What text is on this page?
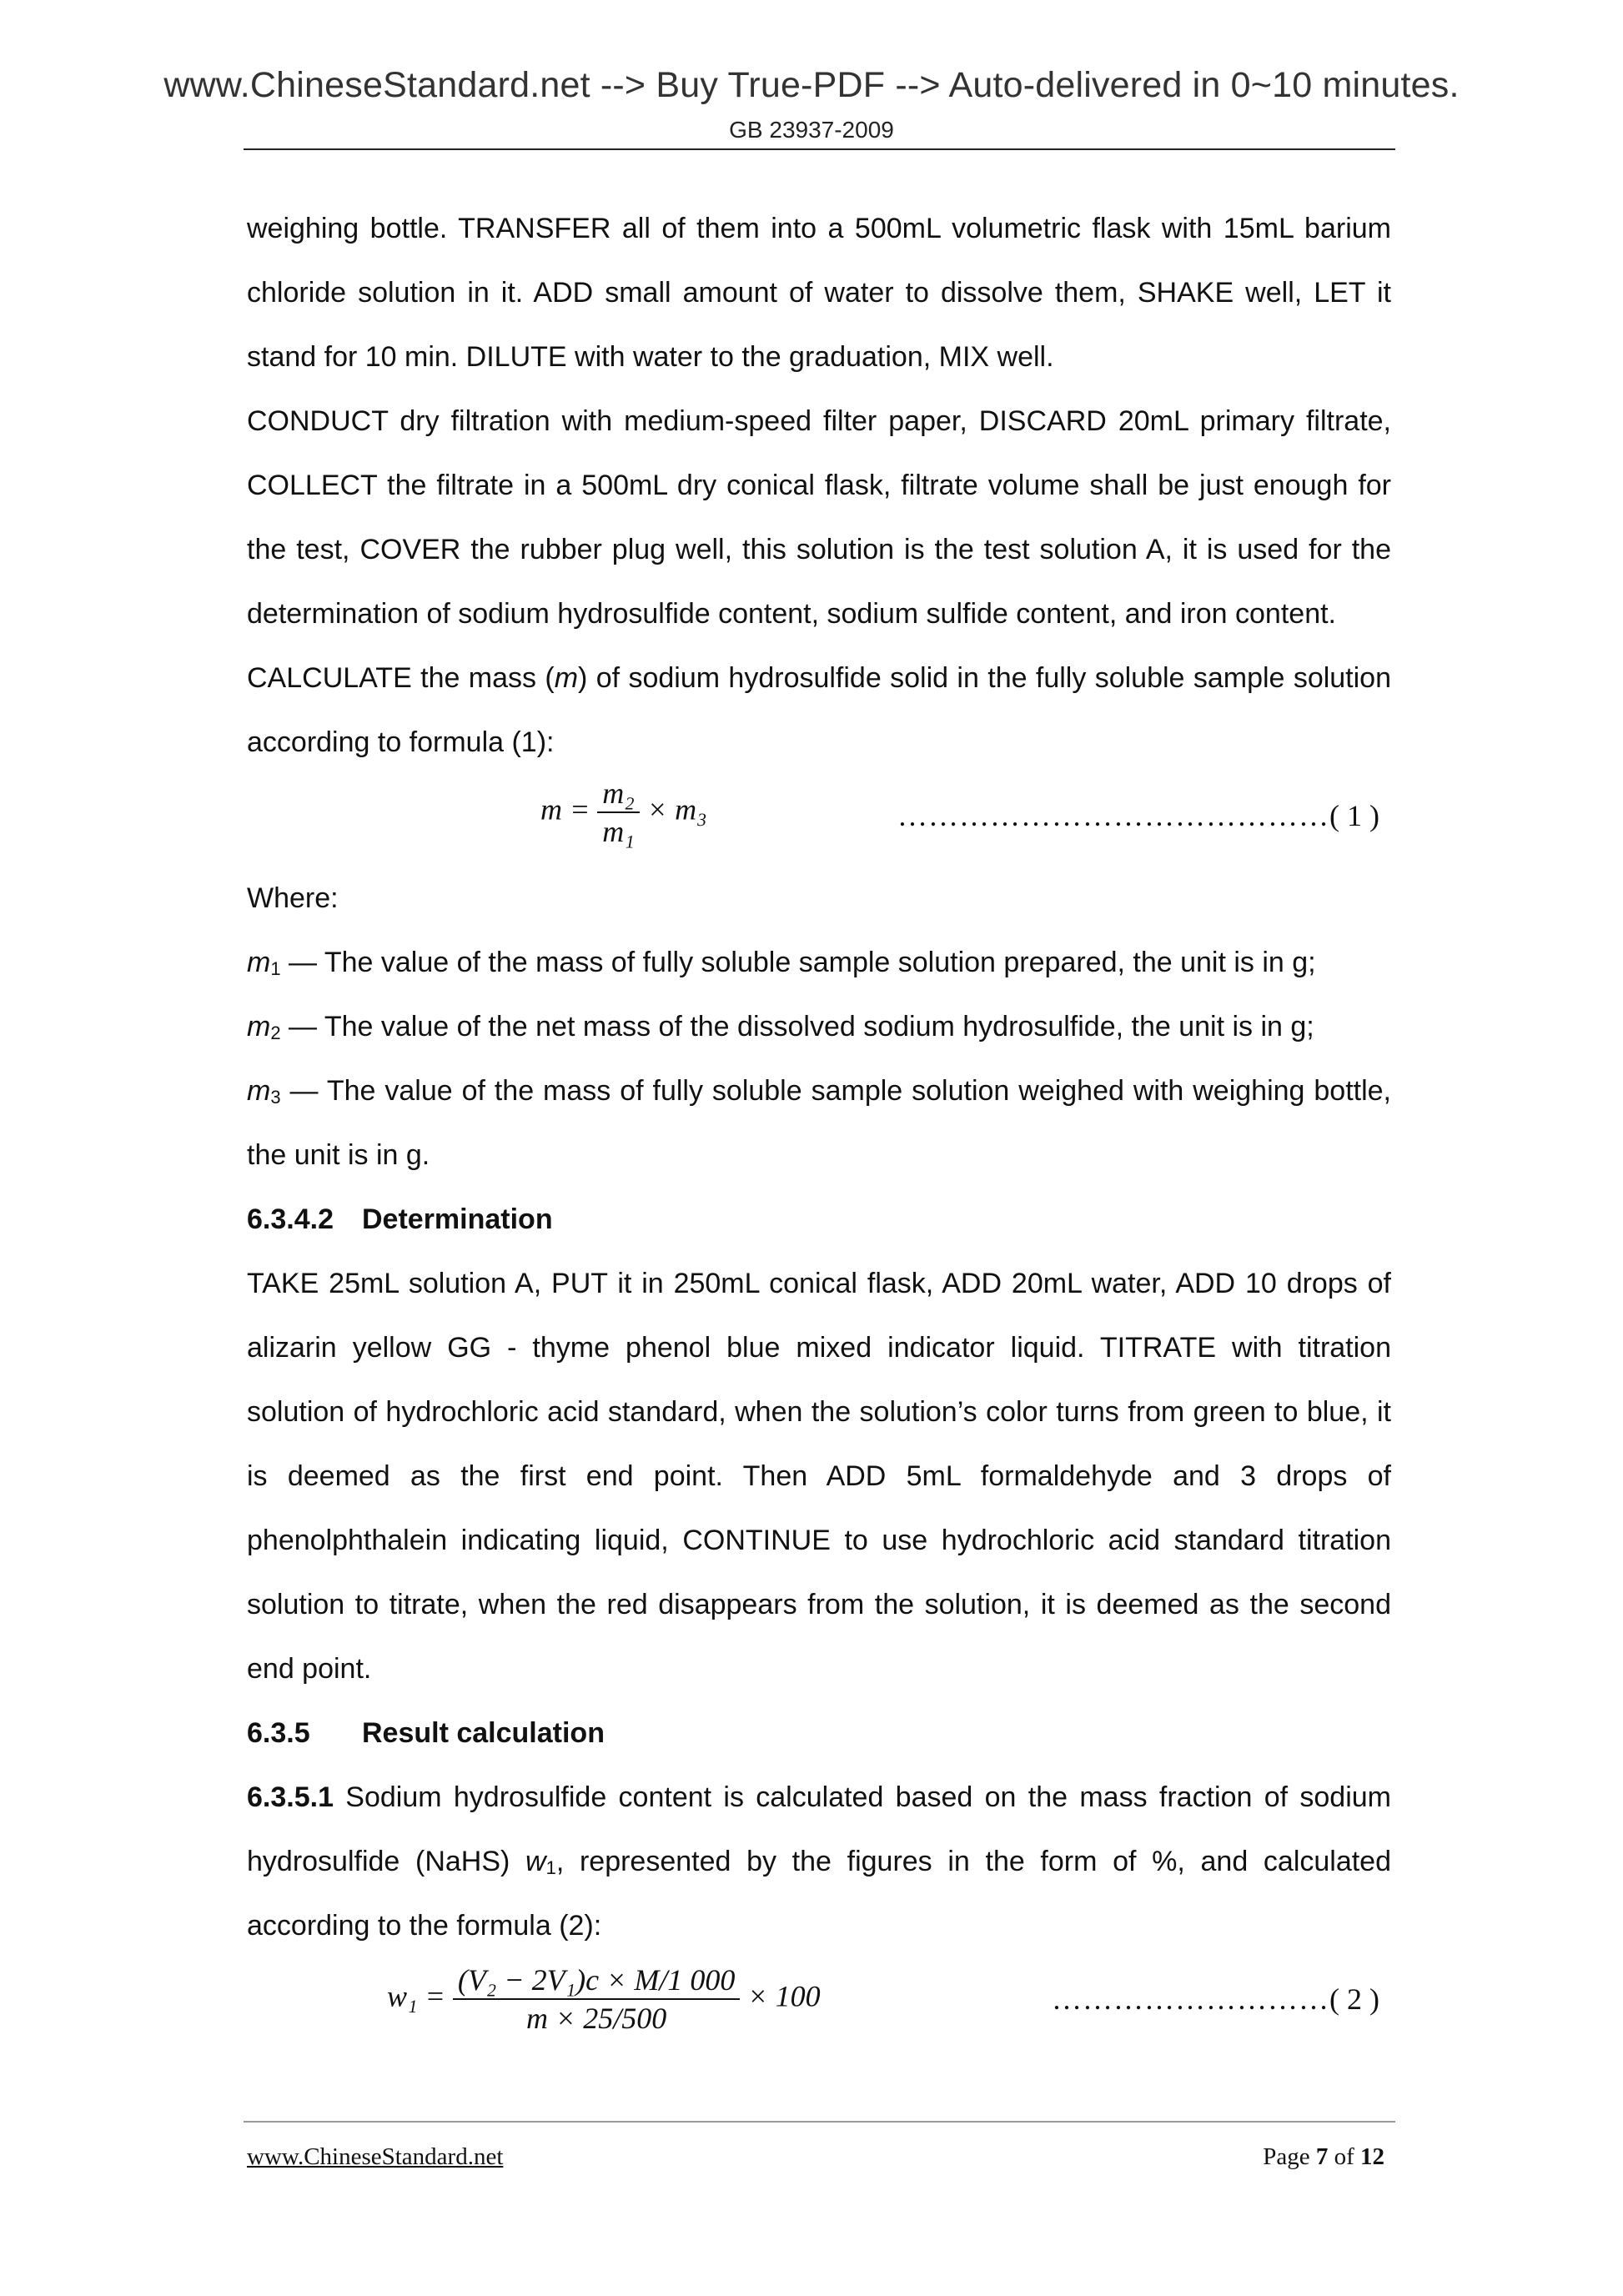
www.ChineseStandard.net --> Buy True-PDF --> Auto-delivered in 0~10 minutes.
GB 23937-2009

weighing bottle. TRANSFER all of them into a 500mL volumetric flask with 15mL barium chloride solution in it. ADD small amount of water to dissolve them, SHAKE well, LET it stand for 10 min. DILUTE with water to the graduation, MIX well.

CONDUCT dry filtration with medium-speed filter paper, DISCARD 20mL primary filtrate, COLLECT the filtrate in a 500mL dry conical flask, filtrate volume shall be just enough for the test, COVER the rubber plug well, this solution is the test solution A, it is used for the determination of sodium hydrosulfide content, sodium sulfide content, and iron content.

CALCULATE the mass (m) of sodium hydrosulfide solid in the fully soluble sample solution according to formula (1):

$m = \frac{\text{m₂}}{\text{m₁}} \times m_3$	……………………………………( 1 )

Where:

$m_1$ — The value of the mass of fully soluble sample solution prepared, the unit is in g;

$m_2$ — The value of the net mass of the dissolved sodium hydrosulfide, the unit is in g;

$m_3$ — The value of the mass of fully soluble sample solution weighed with weighing bottle, the unit is in g.

6.3.4.2 Determination

TAKE 25mL solution A, PUT it in 250mL conical flask, ADD 20mL water, ADD 10 drops of alizarin yellow GG - thyme phenol blue mixed indicator liquid. TITRATE with titration solution of hydrochloric acid standard, when the solution’s color turns from green to blue, it is deemed as the first end point. Then ADD 5mL formaldehyde and 3 drops of phenolphthalein indicating liquid, CONTINUE to use hydrochloric acid standard titration solution to titrate, when the red disappears from the solution, it is deemed as the second end point.

6.3.5 Result calculation

6.3.5.1 Sodium hydrosulfide content is calculated based on the mass fraction of sodium hydrosulfide (NaHS) $w_1$, represented by the figures in the form of %, and calculated according to the formula (2):

$w_1 = \frac{\text{(V₂ − 2V₁)c × M/1 000}}{m \times 25/500} \times 100$	………………………( 2 )
www.ChineseStandard.net	Page 7 of 12
